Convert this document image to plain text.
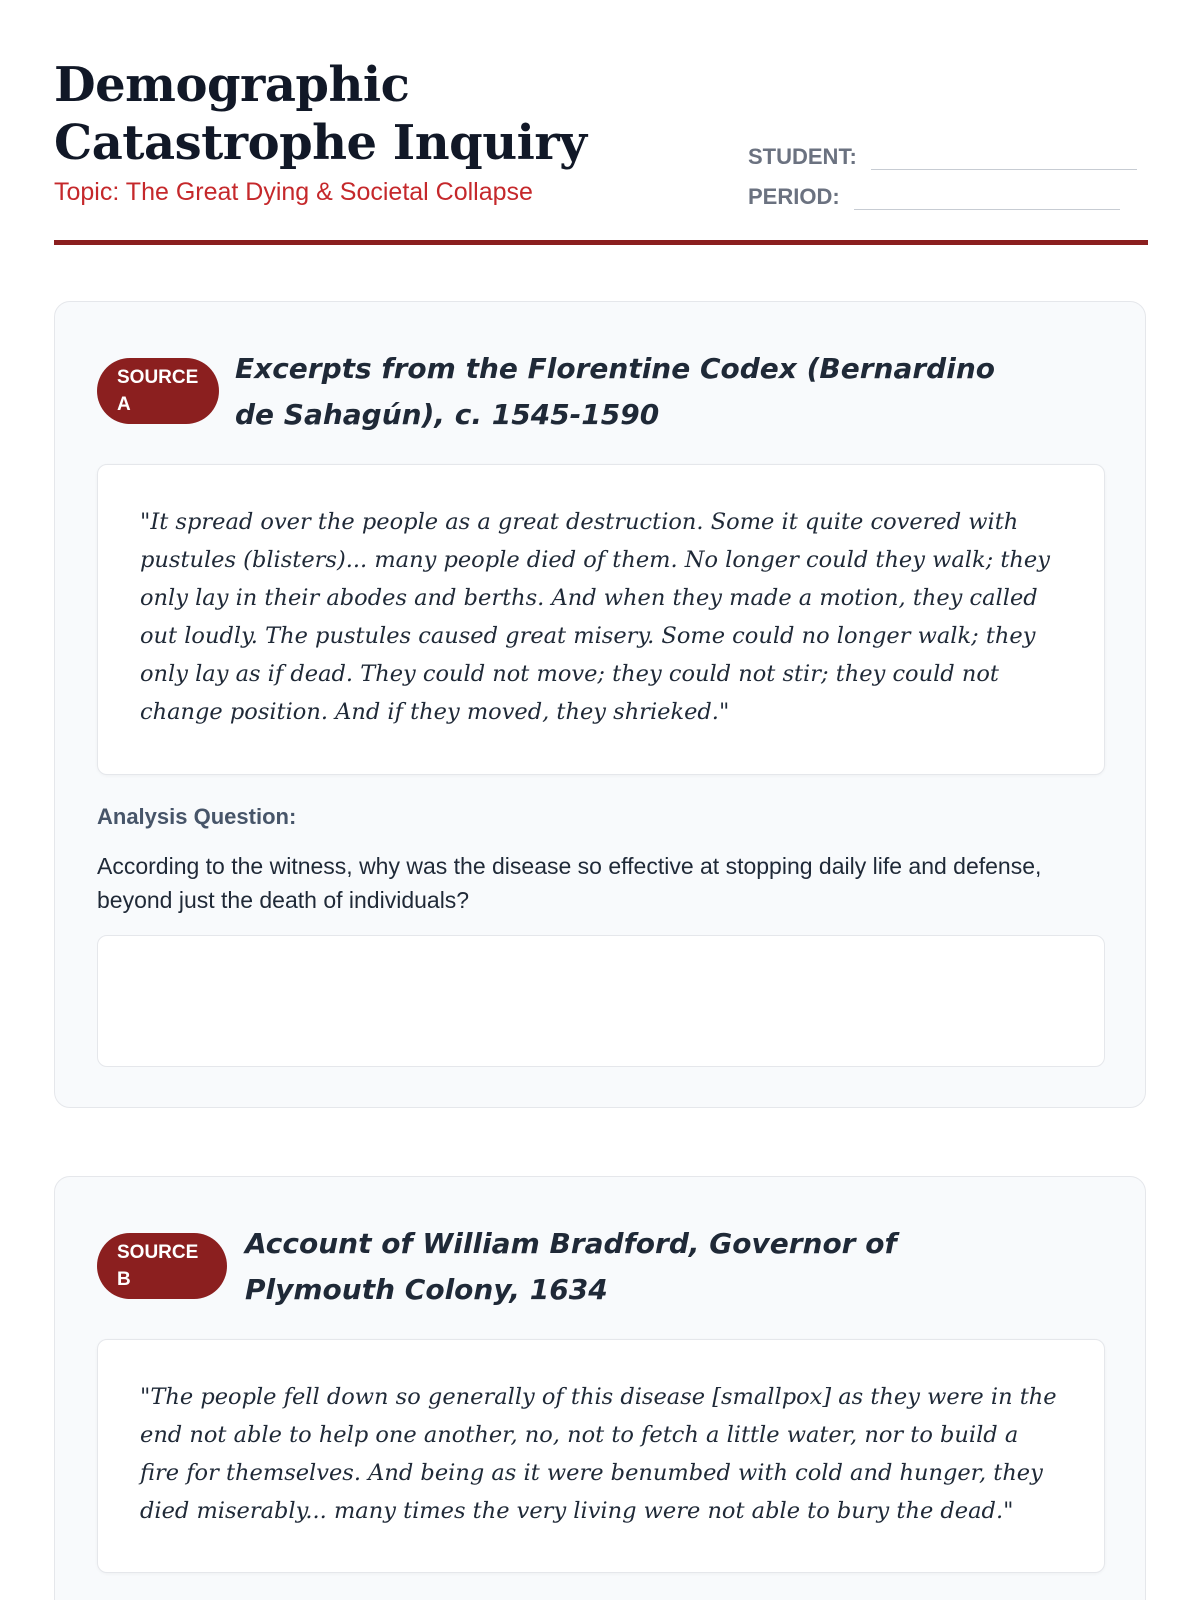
Demographic Catastrophe Inquiry
Topic: The Great Dying & Societal Collapse
STUDENT:
PERIOD:
SOURCE
A
Excerpts from the Florentine Codex (Bernardino de Sahagún), c. 1545-1590

"It spread over the people as a great destruction. Some it quite covered with pustules (blisters)... many people died of them. No longer could they walk; they only lay in their abodes and berths. And when they made a motion, they called out loudly. The pustules caused great misery. Some could no longer walk; they only lay as if dead. They could not move; they could not stir; they could not change position. And if they moved, they shrieked."

Analysis Question:
According to the witness, why was the disease so effective at stopping daily life and defense, beyond just the death of individuals?
SOURCE
B
Account of William Bradford, Governor of Plymouth Colony, 1634

"The people fell down so generally of this disease [smallpox] as they were in the end not able to help one another, no, not to fetch a little water, nor to build a fire for themselves. And being as it were benumbed with cold and hunger, they died miserably... many times the very living were not able to bury the dead."
